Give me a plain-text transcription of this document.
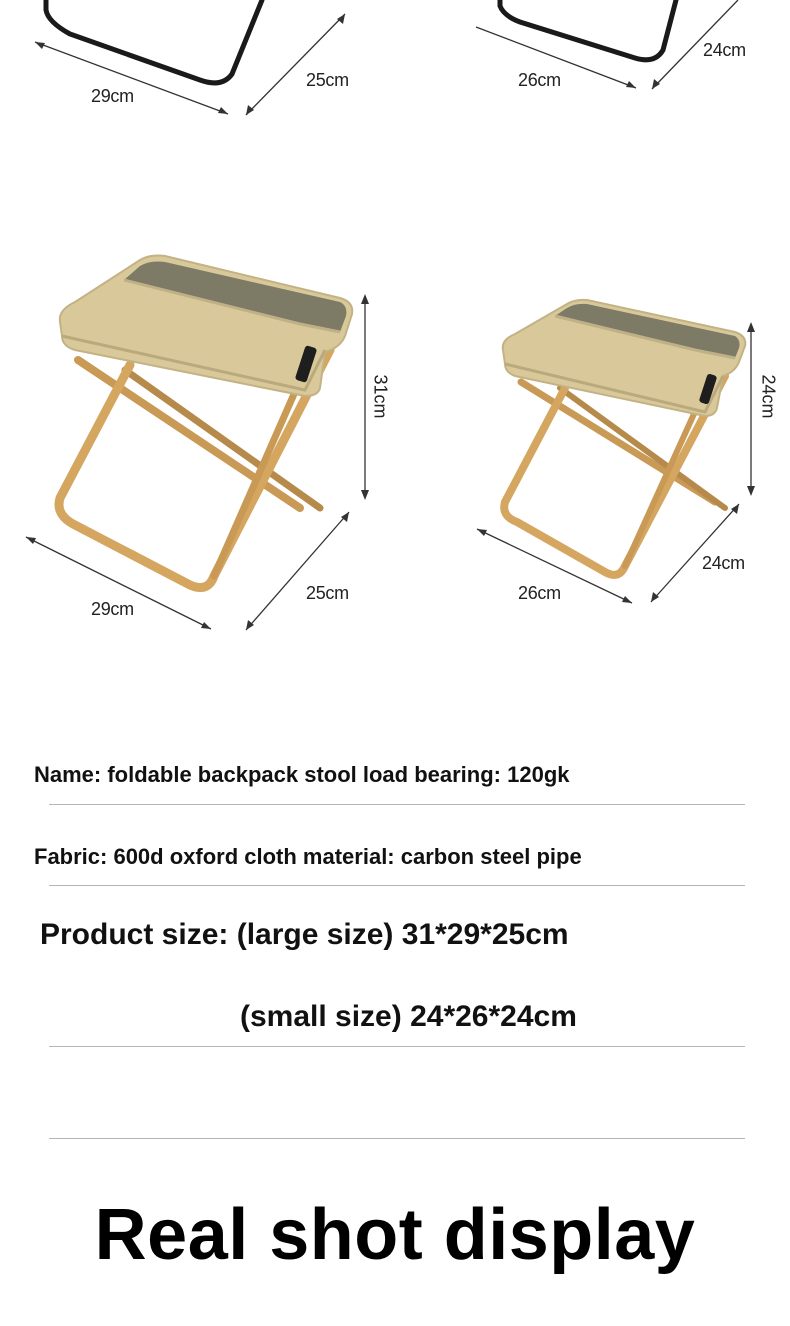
29cm
25cm	26cm
24cm
29cm
25cm
31cm
26cm
24cm
24cm
Name: foldable backpack stool load bearing: 120gk
Fabric: 600d oxford cloth material: carbon steel pipe
Product size: (large size) 31*29*25cm
(small size) 24*26*24cm
Real shot display
